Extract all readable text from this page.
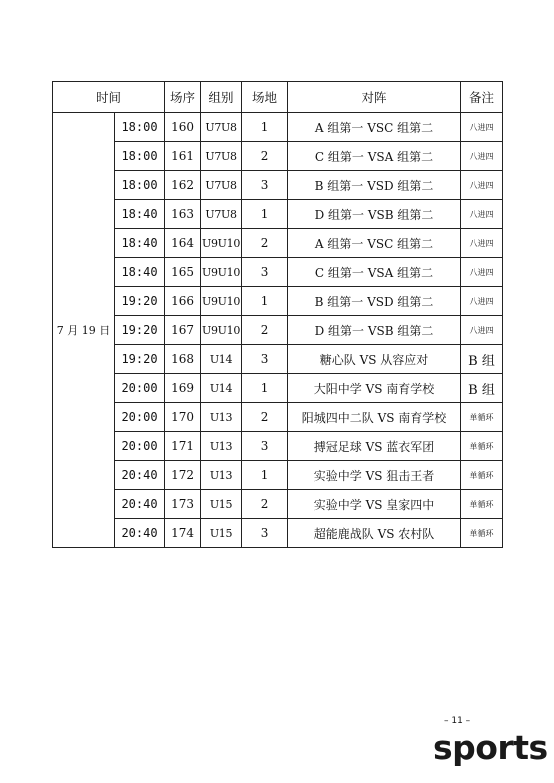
时间		场序	组别	场地	对阵	备注
7 月 19 日	18:00	160	U7U8	1	A 组第一 VSC 组第二	八进四
	18:00	161	U7U8	2	C 组第一 VSA 组第二	八进四
	18:00	162	U7U8	3	B 组第一 VSD 组第二	八进四
	18:40	163	U7U8	1	D 组第一 VSB 组第二	八进四
	18:40	164	U9U10	2	A 组第一 VSC 组第二	八进四
	18:40	165	U9U10	3	C 组第一 VSA 组第二	八进四
	19:20	166	U9U10	1	B 组第一 VSD 组第二	八进四
	19:20	167	U9U10	2	D 组第一 VSB 组第二	八进四
	19:20	168	U14	3	糖心队 VS 从容应对	B 组
	20:00	169	U14	1	大阳中学 VS 南育学校	B 组
	20:00	170	U13	2	阳城四中二队 VS 南育学校	单循环
	20:00	171	U13	3	搏冠足球 VS 蓝衣军团	单循环
	20:40	172	U13	1	实验中学 VS 狙击王者	单循环
	20:40	173	U15	2	实验中学 VS 皇家四中	单循环
	20:40	174	U15	3	超能鹿战队 VS 农村队	单循环
– 11 –
sports
